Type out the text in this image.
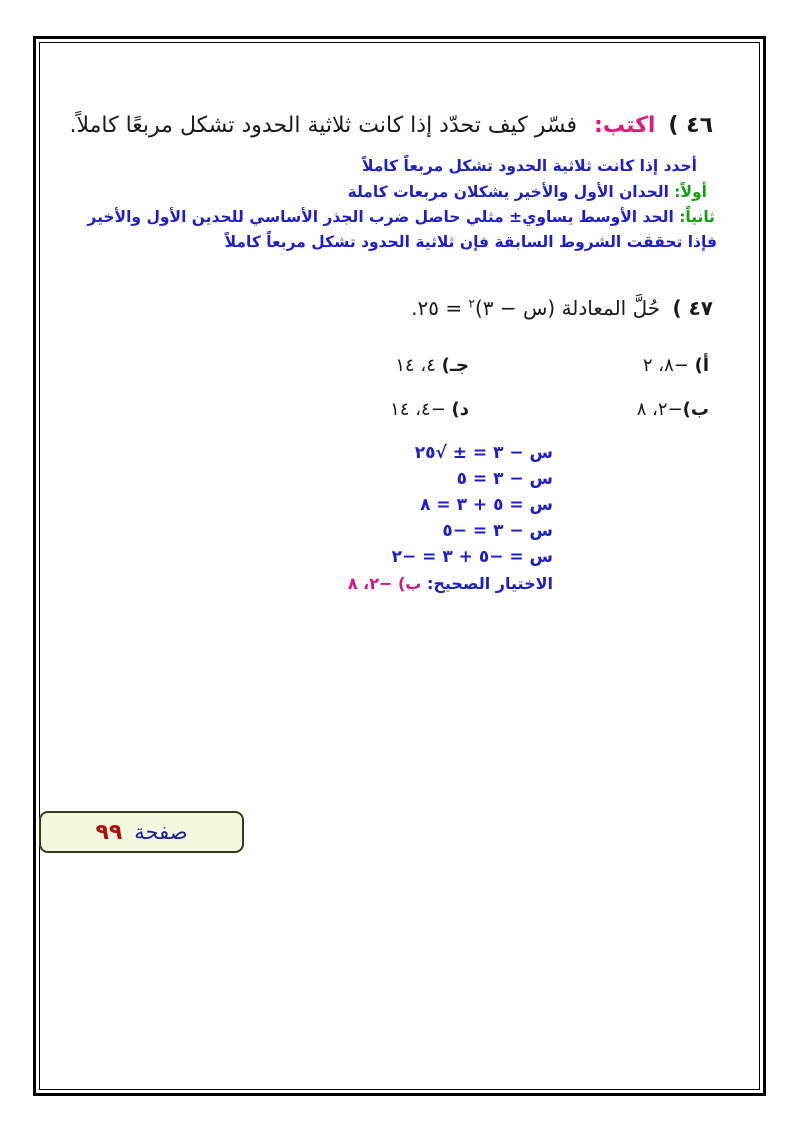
٤٦ ) اكتب: فسّر كيف تحدّد إذا كانت ثلاثية الحدود تشكل مربعًا كاملاً.
أحدد إذا كانت ثلاثية الحدود تشكل مربعاً كاملاً
أولاً: الحدان الأول والأخير يشكلان مربعات كاملة
ثانياً: الحد الأوسط يساوي± مثلي حاصل ضرب الجذر الأساسي للحدين الأول والأخير
فإذا تحققت الشروط السابقة فإن ثلاثية الحدود تشكل مربعاً كاملاً
٤٧ ) حُلَّ المعادلة (س − ٣)$^٢$ = ٢٥.
أ) −٨، ٢
جـ) ٤، ١٤
ب)−٢، ٨
د) −٤، ١٤
س − ٣ = ± √٢٥
س − ٣ = ٥
س = ٥ + ٣ = ٨
س − ٣ = −٥
س = −٥ + ٣ = −٢
الاختيار الصحيح: ب) −٢، ٨
صفحة
٩٩
